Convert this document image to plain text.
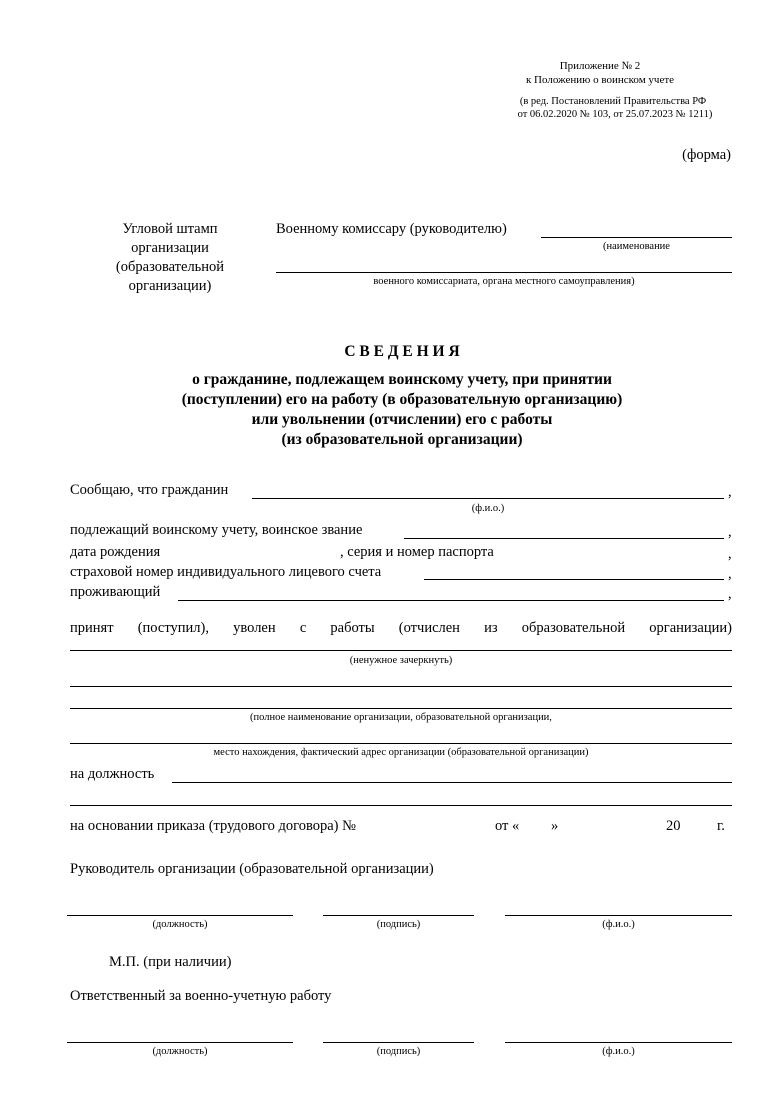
Приложение № 2
к Положению о воинском учете
(в ред. Постановлений Правительства РФ
от 06.02.2020 № 103, от 25.07.2023 № 1211)
(форма)
Угловой штамп
организации
(образовательной
организации)
Военному комиссару (руководителю)
(наименование
военного комиссариата, органа местного самоуправления)
С В Е Д Е Н И Я
о гражданине, подлежащем воинскому учету, при принятии
(поступлении) его на работу (в образовательную организацию)
или увольнении (отчислении) его с работы
(из образовательной организации)
Сообщаю, что гражданин	,
(ф.и.о.)
подлежащий воинскому учету, воинское звание	,
дата рождения	, серия и номер паспорта	,
страховой номер индивидуального лицевого счета	,
проживающий	,
принят (поступил), уволен с работы (отчислен из образовательной организации)
(ненужное зачеркнуть)
(полное наименование организации, образовательной организации,
место нахождения, фактический адрес организации (образовательной организации)
на должность
на основании приказа (трудового договора) №	от « »	20	г.
Руководитель организации (образовательной организации)
(должность)	(подпись)	(ф.и.о.)
М.П. (при наличии)
Ответственный за военно-учетную работу
(должность)	(подпись)	(ф.и.о.)
